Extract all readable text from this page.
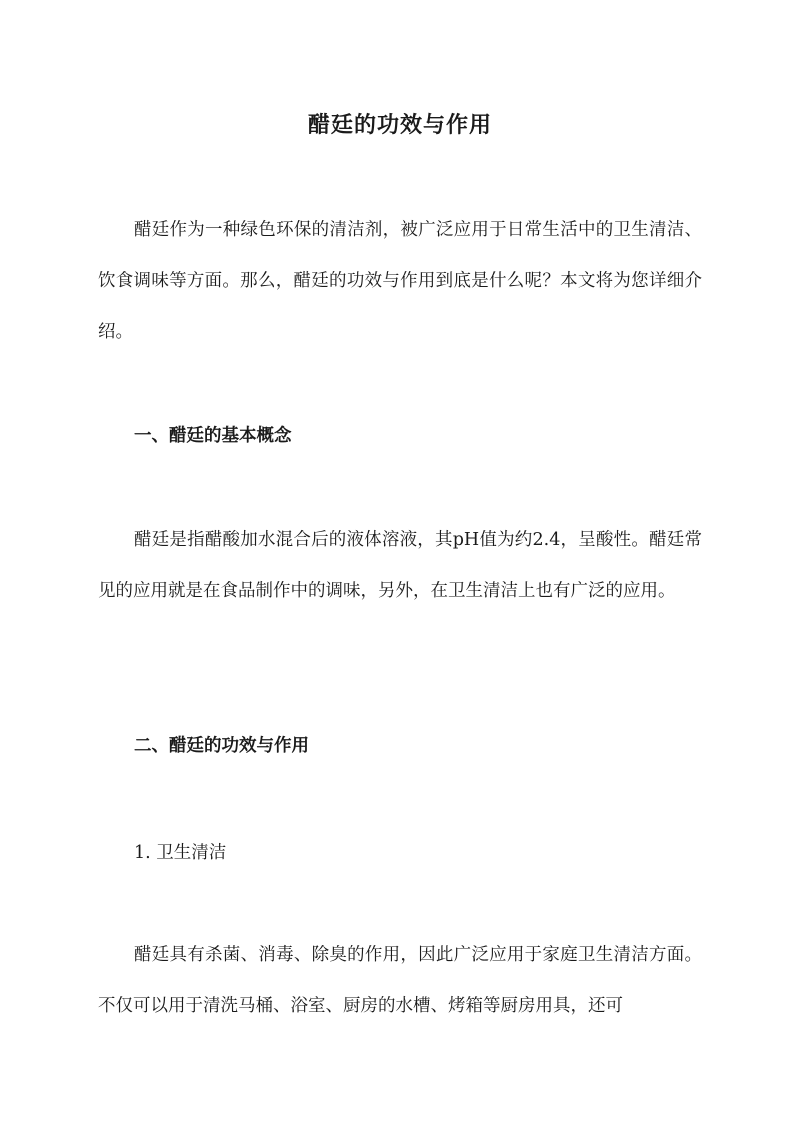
醋廷的功效与作用

醋廷作为一种绿色环保的清洁剂，被广泛应用于日常生活中的卫生清洁、饮食调味等方面。那么，醋廷的功效与作用到底是什么呢？本文将为您详细介绍。

一、醋廷的基本概念

醋廷是指醋酸加水混合后的液体溶液，其pH值为约2.4，呈酸性。醋廷常见的应用就是在食品制作中的调味，另外，在卫生清洁上也有广泛的应用。

二、醋廷的功效与作用
1. 卫生清洁

醋廷具有杀菌、消毒、除臭的作用，因此广泛应用于家庭卫生清洁方面。不仅可以用于清洗马桶、浴室、厨房的水槽、烤箱等厨房用具，还可
